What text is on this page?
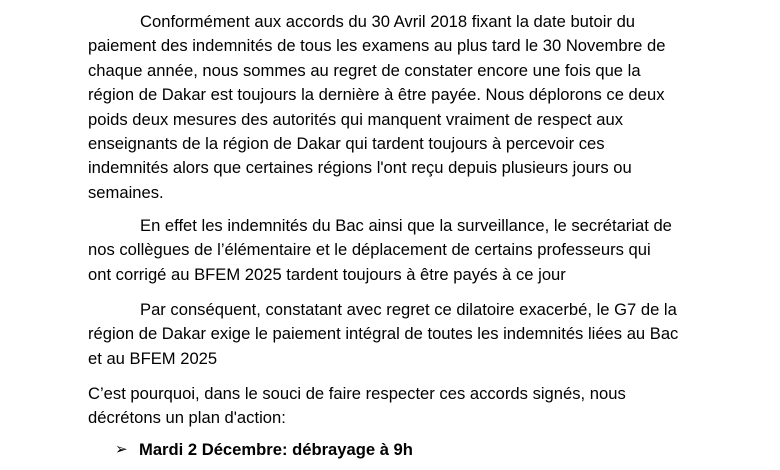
Conformément aux accords du 30 Avril 2018 fixant la date butoir du
paiement des indemnités de tous les examens au plus tard le 30 Novembre de
chaque année, nous sommes au regret de constater encore une fois que la
région de Dakar est toujours la dernière à être payée. Nous déplorons ce deux
poids deux mesures des autorités qui manquent vraiment de respect aux
enseignants de la région de Dakar qui tardent toujours à percevoir ces
indemnités alors que certaines régions l'ont reçu depuis plusieurs jours ou
semaines.

En effet les indemnités du Bac ainsi que la surveillance, le secrétariat de
nos collègues de l’élémentaire et le déplacement de certains professeurs qui
ont corrigé au BFEM 2025 tardent toujours à être payés à ce jour

Par conséquent, constatant avec regret ce dilatoire exacerbé, le G7 de la
région de Dakar exige le paiement intégral de toutes les indemnités liées au Bac
et au BFEM 2025

C’est pourquoi, dans le souci de faire respecter ces accords signés, nous
décrétons un plan d'action:

➢ Mardi 2 Décembre: débrayage à 9h
